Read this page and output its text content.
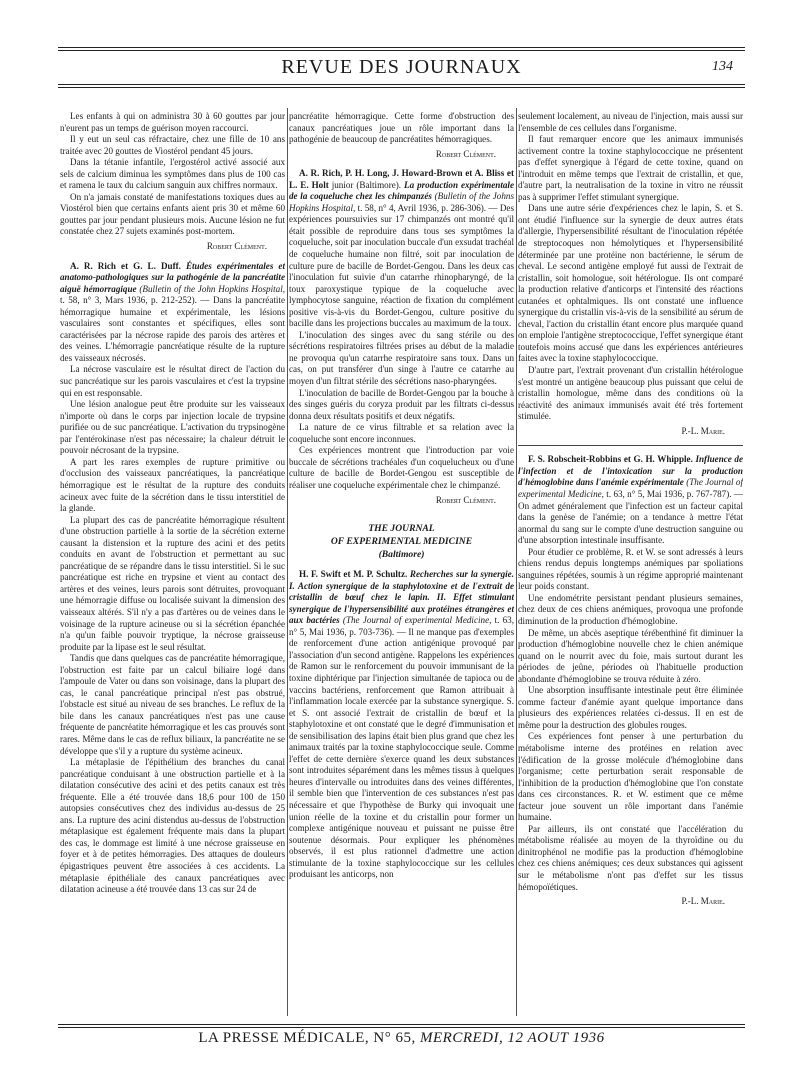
REVUE DES JOURNAUX	134

Les enfants à qui on administra 30 à 60 gouttes par jour n'eurent pas un temps de guérison moyen raccourci.

Il y eut un seul cas réfractaire, chez une fille de 10 ans traitée avec 20 gouttes de Viostérol pendant 45 jours.

Dans la tétanie infantile, l'ergostérol activé associé aux sels de calcium diminua les symptômes dans plus de 100 cas et ramena le taux du calcium sanguin aux chiffres normaux.

On n'a jamais constaté de manifestations toxiques dues au Viostérol bien que certains enfants aient pris 30 et même 60 gouttes par jour pendant plusieurs mois. Aucune lésion ne fut constatée chez 27 sujets examinés post-mortem.

Robert Clément.

A. R. Rich et G. L. Duff. Études expérimentales et anatomo-pathologiques sur la pathogénie de la pancréatite aiguë hémorragique (Bulletin of the John Hopkins Hospital, t. 58, n° 3, Mars 1936, p. 212-252). — Dans la pancréatite hémorragique humaine et expérimentale, les lésions vasculaires sont constantes et spécifiques, elles sont caractérisées par la nécrose rapide des parois des artères et des veines. L'hémorragie pancréatique résulte de la rupture des vaisseaux nécrosés.

La nécrose vasculaire est le résultat direct de l'action du suc pancréatique sur les parois vasculaires et c'est la trypsine qui en est responsable.

Une lésion analogue peut être produite sur les vaisseaux n'importe où dans le corps par injection locale de trypsine purifiée ou de suc pancréatique. L'activation du trypsinogène par l'entérokinase n'est pas nécessaire; la chaleur détruit le pouvoir nécrosant de la trypsine.

A part les rares exemples de rupture primitive ou d'occlusion des vaisseaux pancréatiques, la pancréatique hémorragique est le résultat de la rupture des conduits acineux avec fuite de la sécrétion dans le tissu interstitiel de la glande.

La plupart des cas de pancréatite hémorragique résultent d'une obstruction partielle à la sortie de la sécrétion externe causant la distension et la rupture des acini et des petits conduits en avant de l'obstruction et permettant au suc pancréatique de se répandre dans le tissu interstitiel. Si le suc pancréatique est riche en trypsine et vient au contact des artères et des veines, leurs parois sont détruites, provoquant une hémorragie diffuse ou localisée suivant la dimension des vaisseaux altérés. S'il n'y a pas d'artères ou de veines dans le voisinage de la rupture acineuse ou si la sécrétion épanchée n'a qu'un faible pouvoir tryptique, la nécrose graisseuse produite par la lipase est le seul résultat.

Tandis que dans quelques cas de pancréatite hémorragique, l'obstruction est faite par un calcul biliaire logé dans l'ampoule de Vater ou dans son voisinage, dans la plupart des cas, le canal pancréatique principal n'est pas obstrué, l'obstacle est situé au niveau de ses branches. Le reflux de la bile dans les canaux pancréatiques n'est pas une cause fréquente de pancréatite hémorragique et les cas prouvés sont rares. Même dans le cas de reflux biliaux, la pancréatite ne se développe que s'il y a rupture du système acineux.

La métaplasie de l'épithélium des branches du canal pancréatique conduisant à une obstruction partielle et à la dilatation consécutive des acini et des petits canaux est très fréquente. Elle a été trouvée dans 18,6 pour 100 de 150 autopsies consécutives chez des individus au-dessus de 25 ans. La rupture des acini distendus au-dessus de l'obstruction métaplasique est également fréquente mais dans la plupart des cas, le dommage est limité à une nécrose graisseuse en foyer et à de petites hémorragies. Des attaques de douleurs épigastriques peuvent être associées à ces accidents. La métaplasie épithéliale des canaux pancréatiques avec dilatation acineuse a été trouvée dans 13 cas sur 24 de

pancréatite hémorragique. Cette forme d'obstruction des canaux pancréatiques joue un rôle important dans la pathogénie de beaucoup de pancréatites hémorragiques.

Robert Clément.

A. R. Rich, P. H. Long, J. Howard-Brown et A. Bliss et L. E. Holt junior (Baltimore). La production expérimentale de la coqueluche chez les chimpanzés (Bulletin of the Johns Hopkins Hospital, t. 58, n° 4, Avril 1936, p. 286-306). — Des expériences poursuivies sur 17 chimpanzés ont montré qu'il était possible de reproduire dans tous ses symptômes la coqueluche, soit par inoculation buccale d'un exsudat trachéal de coqueluche humaine non filtré, soit par inoculation de culture pure de bacille de Bordet-Gengou. Dans les deux cas l'inoculation fut suivie d'un catarrhe rhinopharyngé, de la toux paroxystique typique de la coqueluche avec lymphocytose sanguine, réaction de fixation du complément positive vis-à-vis du Bordet-Gengou, culture positive du bacille dans les projections buccales au maximum de la toux.

L'inoculation des singes avec du sang stérile ou des sécrétions respiratoires filtrées prises au début de la maladie ne provoqua qu'un catarrhe respiratoire sans toux. Dans un cas, on put transférer d'un singe à l'autre ce catarrhe au moyen d'un filtrat stérile des sécrétions naso-pharyngées.

L'inoculation de bacille de Bordet-Gengou par la bouche à des singes guéris du coryza produit par les filtrats ci-dessus donna deux résultats positifs et deux négatifs.

La nature de ce virus filtrable et sa relation avec la coqueluche sont encore inconnues.

Ces expériences montrent que l'introduction par voie buccale de sécrétions trachéales d'un coquelucheux ou d'une culture de bacille de Bordet-Gengou est susceptible de réaliser une coqueluche expérimentale chez le chimpanzé.

Robert Clément.
THE JOURNAL
OF EXPERIMENTAL MEDICINE
(Baltimore)

H. F. Swift et M. P. Schultz. Recherches sur la synergie. I. Action synergique de la staphylotoxine et de l'extrait de cristallin de bœuf chez le lapin. II. Effet stimulant synergique de l'hypersensibilité aux protéines étrangères et aux bactéries (The Journal of experimental Medicine, t. 63, n° 5, Mai 1936, p. 703-736). — Il ne manque pas d'exemples de renforcement d'une action antigénique provoqué par l'association d'un second antigène. Rappelons les expériences de Ramon sur le renforcement du pouvoir immunisant de la toxine diphtérique par l'injection simultanée de tapioca ou de vaccins bactériens, renforcement que Ramon attribuait à l'inflammation locale exercée par la substance synergique. S. et S. ont associé l'extrait de cristallin de bœuf et la staphylotoxine et ont constaté que le degré d'immunisation et de sensibilisation des lapins était bien plus grand que chez les animaux traités par la toxine staphylococcique seule. Comme l'effet de cette dernière s'exerce quand les deux substances sont introduites séparément dans les mêmes tissus à quelques heures d'intervalle ou introduites dans des veines différentes, il semble bien que l'intervention de ces substances n'est pas nécessaire et que l'hypothèse de Burky qui invoquait une union réelle de la toxine et du cristallin pour former un complexe antigénique nouveau et puissant ne puisse être soutenue désormais. Pour expliquer les phénomènes observés, il est plus rationnel d'admettre une action stimulante de la toxine staphylococcique sur les cellules produisant les anticorps, non

seulement localement, au niveau de l'injection, mais aussi sur l'ensemble de ces cellules dans l'organisme.

Il faut remarquer encore que les animaux immunisés activement contre la toxine staphylococcique ne présentent pas d'effet synergique à l'égard de cette toxine, quand on l'introduit en même temps que l'extrait de cristallin, et que, d'autre part, la neutralisation de la toxine in vitro ne réussit pas à supprimer l'effet stimulant synergique.

Dans une autre série d'expériences chez le lapin, S. et S. ont étudié l'influence sur la synergie de deux autres états d'allergie, l'hypersensibilité résultant de l'inoculation répétée de streptocoques non hémolytiques et l'hypersensibilité déterminée par une protéine non bactérienne, le sérum de cheval. Le second antigène employé fut aussi de l'extrait de cristallin, soit homologue, soit hétérologue. Ils ont comparé la production relative d'anticorps et l'intensité des réactions cutanées et ophtalmiques. Ils ont constaté une influence synergique du cristallin vis-à-vis de la sensibilité au sérum de cheval, l'action du cristallin étant encore plus marquée quand on emploie l'antigène streptococcique, l'effet synergique étant toutefois moins accusé que dans les expériences antérieures faites avec la toxine staphylococcique.

D'autre part, l'extrait provenant d'un cristallin hétérologue s'est montré un antigène beaucoup plus puissant que celui de cristallin homologue, même dans des conditions où la réactivité des animaux immunisés avait été très fortement stimulée.

P.-L. Marie.

F. S. Robscheit-Robbins et G. H. Whipple. Influence de l'infection et de l'intoxication sur la production d'hémoglobine dans l'anémie expérimentale (The Journal of experimental Medicine, t. 63, n° 5, Mai 1936, p. 767-787). — On admet généralement que l'infection est un facteur capital dans la genèse de l'anémie; on a tendance à mettre l'état anormal du sang sur le compte d'une destruction sanguine ou d'une absorption intestinale insuffisante.

Pour étudier ce problème, R. et W. se sont adressés à leurs chiens rendus depuis longtemps anémiques par spoliations sanguines répétées, soumis à un régime approprié maintenant leur poids constant.

Une endométrite persistant pendant plusieurs semaines, chez deux de ces chiens anémiques, provoqua une profonde diminution de la production d'hémoglobine.

De même, un abcès aseptique térébenthiné fit diminuer la production d'hémoglobine nouvelle chez le chien anémique quand on le nourrit avec du foie, mais surtout durant les périodes de jeûne, périodes où l'habituelle production abondante d'hémoglobine se trouva réduite à zéro.

Une absorption insuffisante intestinale peut être éliminée comme facteur d'anémie ayant quelque importance dans plusieurs des expériences relatées ci-dessus. Il en est de même pour la destruction des globules rouges.

Ces expériences font penser à une perturbation du métabolisme interne des protéines en relation avec l'édification de la grosse molécule d'hémoglobine dans l'organisme; cette perturbation serait responsable de l'inhibition de la production d'hémoglobine que l'on constate dans ces circonstances. R. et W. estiment que ce même facteur joue souvent un rôle important dans l'anémie humaine.

Par ailleurs, ils ont constaté que l'accélération du métabolisme réalisée au moyen de la thyroïdine ou du dinitrophénol ne modifie pas la production d'hémoglobine chez ces chiens anémiques; ces deux substances qui agissent sur le métabolisme n'ont pas d'effet sur les tissus hémopoïétiques.

P.-L. Marie.
LA PRESSE MÉDICALE, N° 65, MERCREDI, 12 AOUT 1936
